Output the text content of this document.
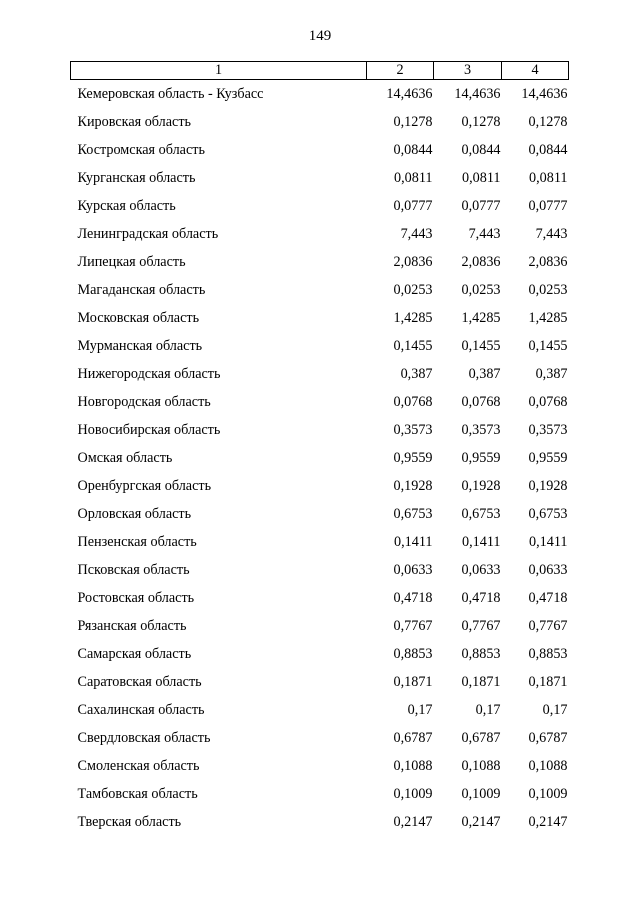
149
1	2	3	4
Кемеровская область - Кузбасс	14,4636	14,4636	14,4636
Кировская область	0,1278	0,1278	0,1278
Костромская область	0,0844	0,0844	0,0844
Курганская область	0,0811	0,0811	0,0811
Курская область	0,0777	0,0777	0,0777
Ленинградская область	7,443	7,443	7,443
Липецкая область	2,0836	2,0836	2,0836
Магаданская область	0,0253	0,0253	0,0253
Московская область	1,4285	1,4285	1,4285
Мурманская область	0,1455	0,1455	0,1455
Нижегородская область	0,387	0,387	0,387
Новгородская область	0,0768	0,0768	0,0768
Новосибирская область	0,3573	0,3573	0,3573
Омская область	0,9559	0,9559	0,9559
Оренбургская область	0,1928	0,1928	0,1928
Орловская область	0,6753	0,6753	0,6753
Пензенская область	0,1411	0,1411	0,1411
Псковская область	0,0633	0,0633	0,0633
Ростовская область	0,4718	0,4718	0,4718
Рязанская область	0,7767	0,7767	0,7767
Самарская область	0,8853	0,8853	0,8853
Саратовская область	0,1871	0,1871	0,1871
Сахалинская область	0,17	0,17	0,17
Свердловская область	0,6787	0,6787	0,6787
Смоленская область	0,1088	0,1088	0,1088
Тамбовская область	0,1009	0,1009	0,1009
Тверская область	0,2147	0,2147	0,2147
